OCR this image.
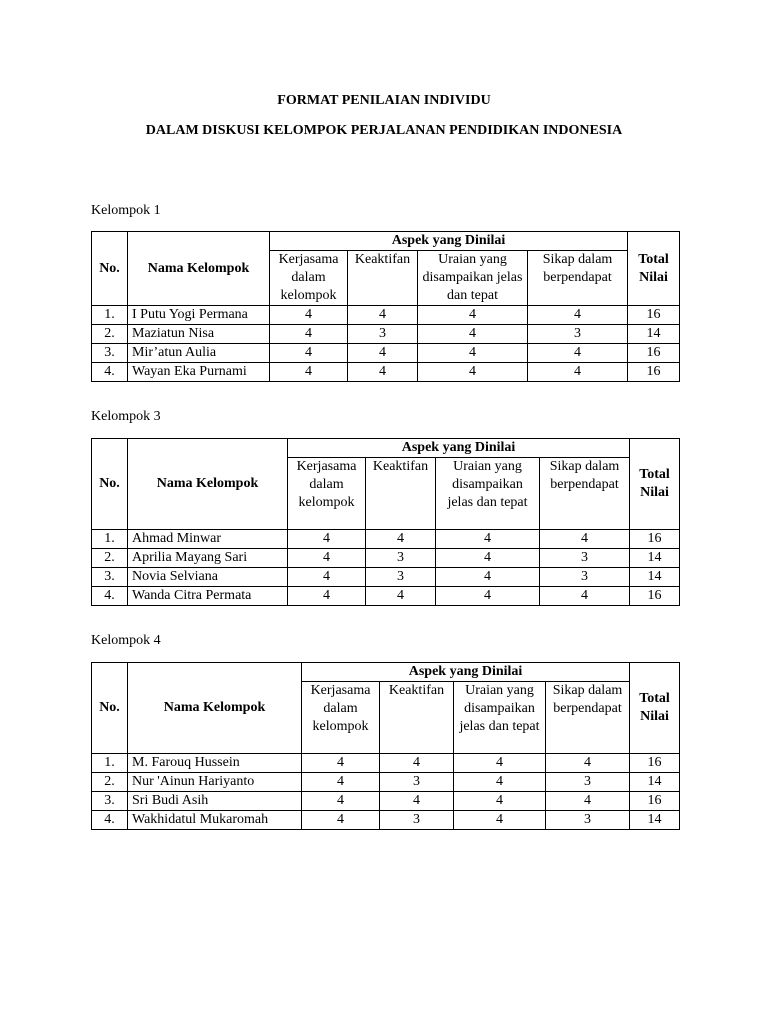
FORMAT PENILAIAN INDIVIDU
DALAM DISKUSI KELOMPOK PERJALANAN PENDIDIKAN INDONESIA
Kelompok 1
No.	Nama Kelompok	Aspek yang Dinilai				Total Nilai
		Kerjasama dalam kelompok	Keaktifan	Uraian yang disampaikan jelas dan tepat	Sikap dalam berpendapat	
1.	I Putu Yogi Permana	4	4	4	4	16
2.	Maziatun Nisa	4	3	4	3	14
3.	Mir’atun Aulia	4	4	4	4	16
4.	Wayan Eka Purnami	4	4	4	4	16
Kelompok 3
No.	Nama Kelompok	Aspek yang Dinilai				Total Nilai
		Kerjasama dalam kelompok	Keaktifan	Uraian yang disampaikan jelas dan tepat	Sikap dalam berpendapat	
1.	Ahmad Minwar	4	4	4	4	16
2.	Aprilia Mayang Sari	4	3	4	3	14
3.	Novia Selviana	4	3	4	3	14
4.	Wanda Citra Permata	4	4	4	4	16
Kelompok 4
No.	Nama Kelompok	Aspek yang Dinilai				Total Nilai
		Kerjasama dalam kelompok	Keaktifan	Uraian yang disampaikan jelas dan tepat	Sikap dalam berpendapat	
1.	M. Farouq Hussein	4	4	4	4	16
2.	Nur 'Ainun Hariyanto	4	3	4	3	14
3.	Sri Budi Asih	4	4	4	4	16
4.	Wakhidatul Mukaromah	4	3	4	3	14
